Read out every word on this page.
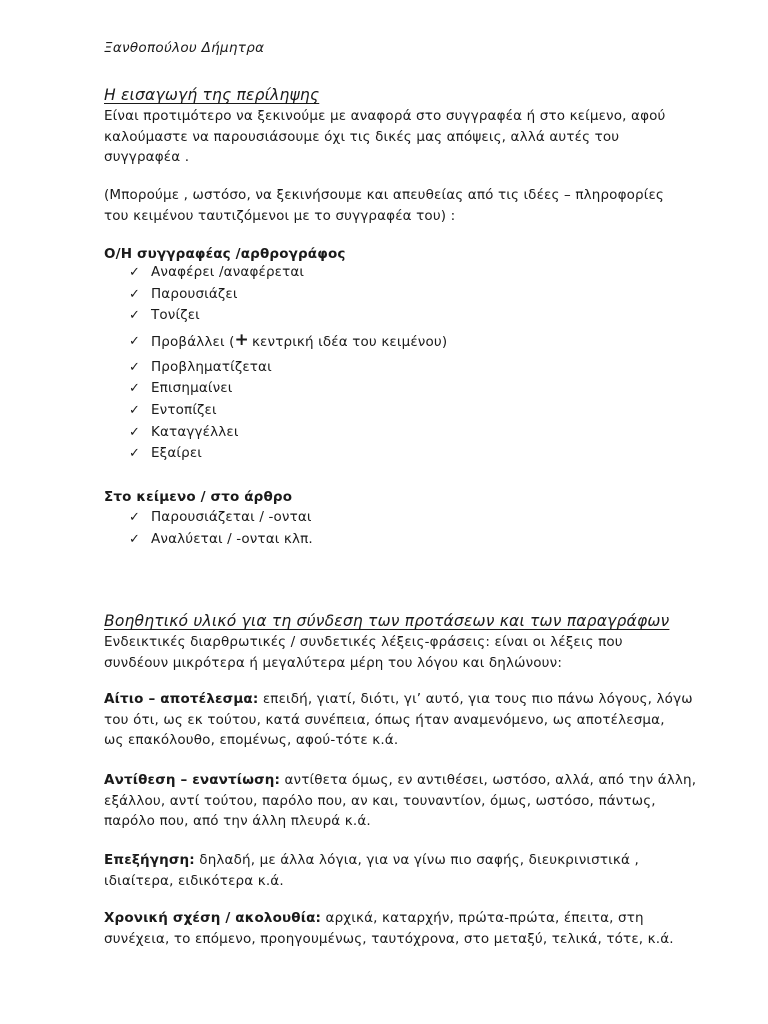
Ξανθοπούλου Δήμητρα
Η εισαγωγή της περίληψης

Είναι προτιμότερο να ξεκινούμε με αναφορά στο συγγραφέα ή στο κείμενο, αφού

καλούμαστε να παρουσιάσουμε όχι τις δικές μας απόψεις, αλλά αυτές του

συγγραφέα .

(Μπορούμε , ωστόσο, να ξεκινήσουμε και απευθείας από τις ιδέες – πληροφορίες

του κειμένου ταυτιζόμενοι με το συγγραφέα του) :

Ο/Η συγγραφέας /αρθρογράφος
✓ Αναφέρει /αναφέρεται
✓ Παρουσιάζει
✓ Τονίζει
✓ Προβάλλει ( + κεντρική ιδέα του κειμένου)
✓ Προβληματίζεται
✓ Επισημαίνει
✓ Εντοπίζει
✓ Καταγγέλλει
✓ Εξαίρει
Στο κείμενο / στο άρθρο
✓ Παρουσιάζεται / -ονται
✓ Αναλύεται / -ονται κλπ.
Βοηθητικό υλικό για τη σύνδεση των προτάσεων και των παραγράφων

Ενδεικτικές διαρθρωτικές / συνδετικές λέξεις-φράσεις: είναι οι λέξεις που

συνδέουν μικρότερα ή μεγαλύτερα μέρη του λόγου και δηλώνουν:

Αίτιο – αποτέλεσμα: επειδή, γιατί, διότι, γι’ αυτό, για τους πιο πάνω λόγους, λόγω

του ότι, ως εκ τούτου, κατά συνέπεια, όπως ήταν αναμενόμενο, ως αποτέλεσμα,

ως επακόλουθο, επομένως, αφού-τότε κ.ά.

Αντίθεση – εναντίωση: αντίθετα όμως, εν αντιθέσει, ωστόσο, αλλά, από την άλλη,

εξάλλου, αντί τούτου, παρόλο που, αν και, τουναντίον, όμως, ωστόσο, πάντως,

παρόλο που, από την άλλη πλευρά κ.ά.

Επεξήγηση: δηλαδή, με άλλα λόγια, για να γίνω πιο σαφής, διευκρινιστικά ,

ιδιαίτερα, ειδικότερα κ.ά.

Χρονική σχέση / ακολουθία: αρχικά, καταρχήν, πρώτα-πρώτα, έπειτα, στη

συνέχεια, το επόμενο, προηγουμένως, ταυτόχρονα, στο μεταξύ, τελικά, τότε, κ.ά.
